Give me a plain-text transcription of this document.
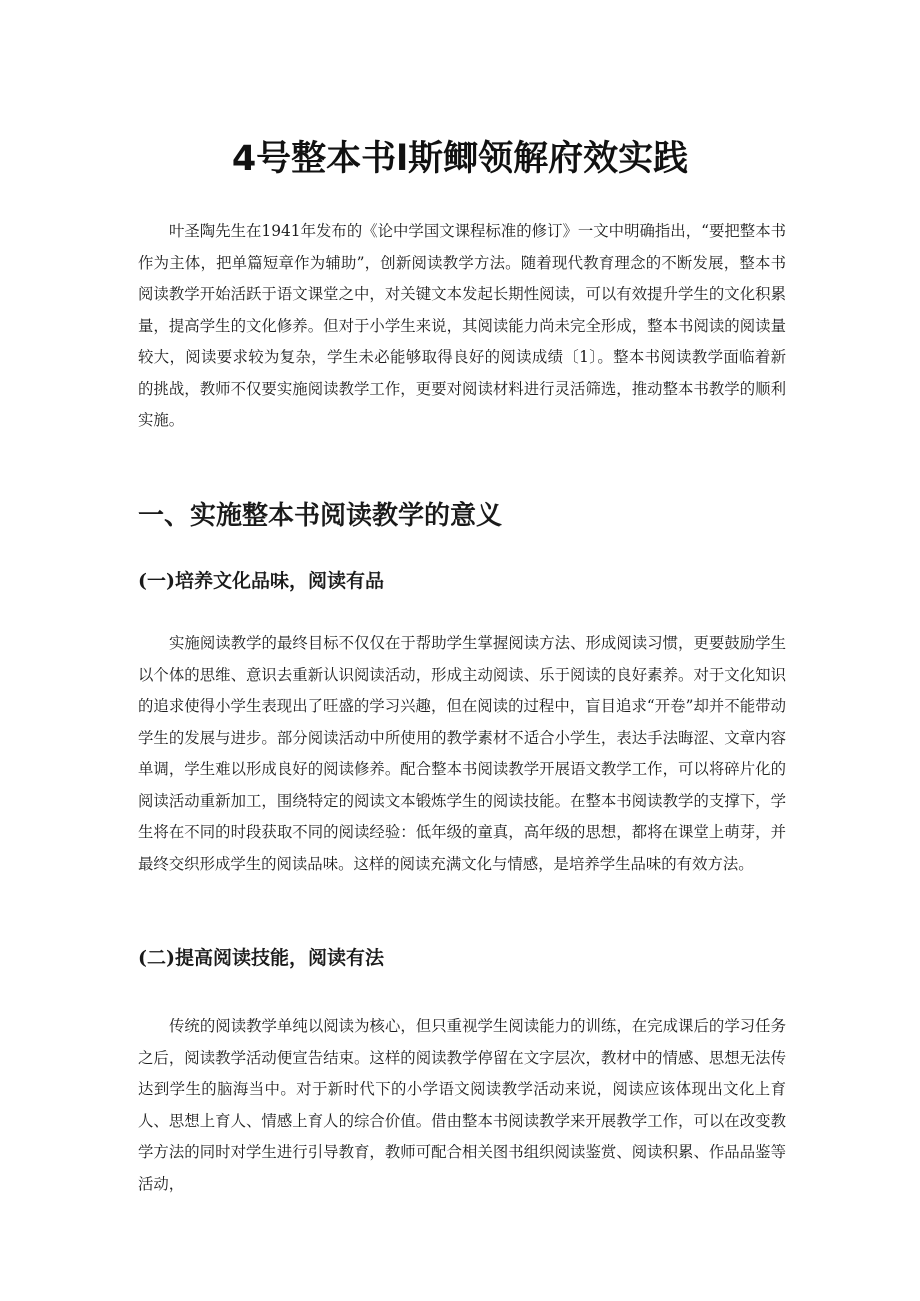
4号整本书l斯鲫领解府效实践

叶圣陶先生在1941年发布的《论中学国文课程标准的修订》一文中明确指出，“要把整本书作为主体，把单篇短章作为辅助”，创新阅读教学方法。随着现代教育理念的不断发展，整本书阅读教学开始活跃于语文课堂之中，对关键文本发起长期性阅读，可以有效提升学生的文化积累量，提高学生的文化修养。但对于小学生来说，其阅读能力尚未完全形成，整本书阅读的阅读量较大，阅读要求较为复杂，学生未必能够取得良好的阅读成绩〔1〕。整本书阅读教学面临着新的挑战，教师不仅要实施阅读教学工作，更要对阅读材料进行灵活筛选，推动整本书教学的顺利实施。

一、实施整本书阅读教学的意义
(一)培养文化品味，阅读有品

实施阅读教学的最终目标不仅仅在于帮助学生掌握阅读方法、形成阅读习惯，更要鼓励学生以个体的思维、意识去重新认识阅读活动，形成主动阅读、乐于阅读的良好素养。对于文化知识的追求使得小学生表现出了旺盛的学习兴趣，但在阅读的过程中，盲目追求“开卷”却并不能带动学生的发展与进步。部分阅读活动中所使用的教学素材不适合小学生，表达手法晦涩、文章内容单调，学生难以形成良好的阅读修养。配合整本书阅读教学开展语文教学工作，可以将碎片化的阅读活动重新加工，围绕特定的阅读文本锻炼学生的阅读技能。在整本书阅读教学的支撑下，学生将在不同的时段获取不同的阅读经验：低年级的童真，高年级的思想，都将在课堂上萌芽，并最终交织形成学生的阅读品味。这样的阅读充满文化与情感，是培养学生品味的有效方法。

(二)提高阅读技能，阅读有法

传统的阅读教学单纯以阅读为核心，但只重视学生阅读能力的训练，在完成课后的学习任务之后，阅读教学活动便宣告结束。这样的阅读教学停留在文字层次，教材中的情感、思想无法传达到学生的脑海当中。对于新时代下的小学语文阅读教学活动来说，阅读应该体现出文化上育人、思想上育人、情感上育人的综合价值。借由整本书阅读教学来开展教学工作，可以在改变教学方法的同时对学生进行引导教育，教师可配合相关图书组织阅读鉴赏、阅读积累、作品品鉴等活动，
